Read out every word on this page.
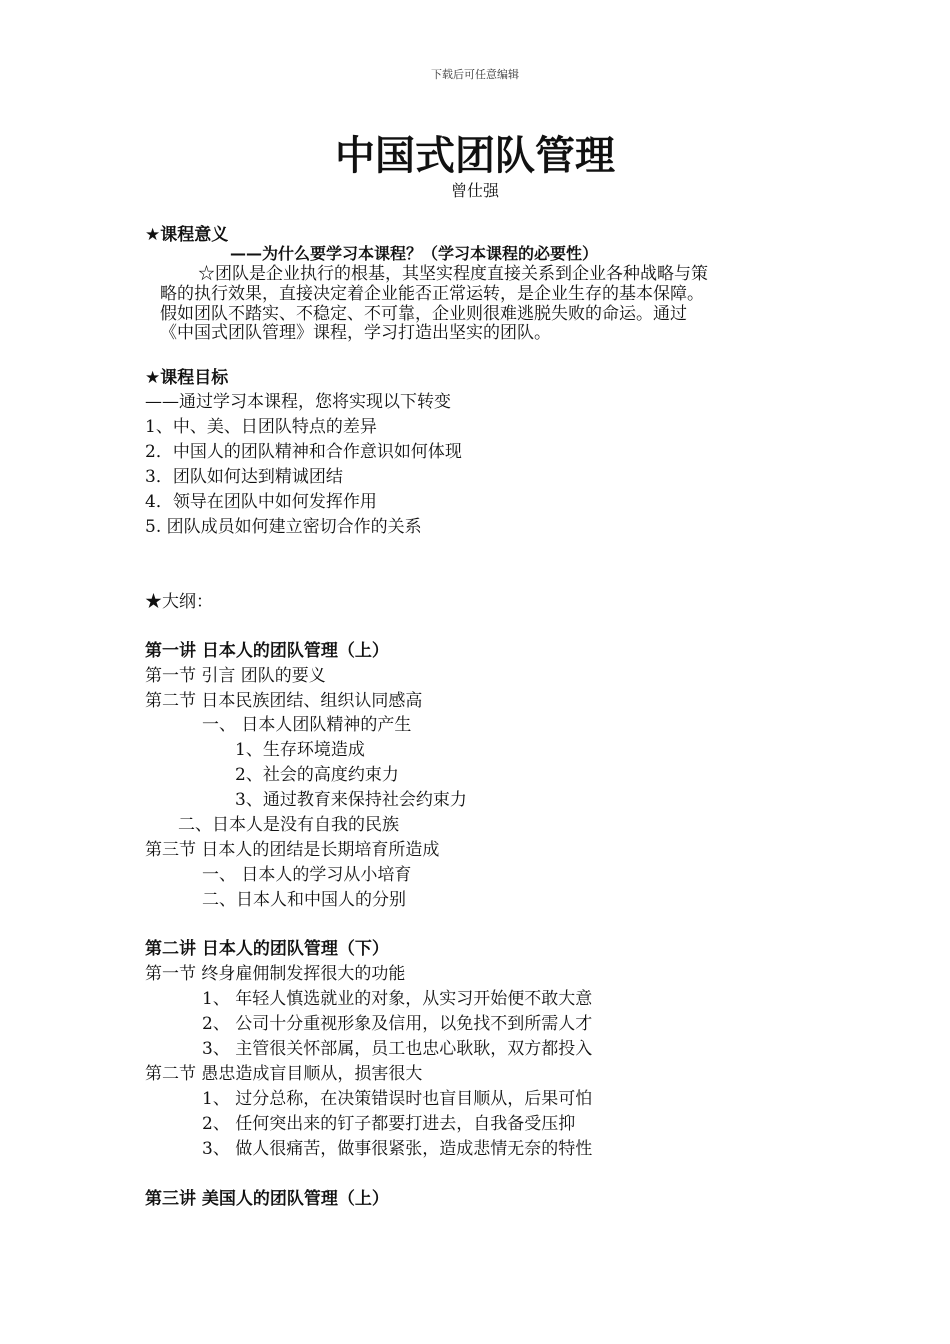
下载后可任意编辑
中国式团队管理
曾仕强
★课程意义
——为什么要学习本课程？（学习本课程的必要性）
☆团队是企业执行的根基，其坚实程度直接关系到企业各种战略与策
略的执行效果，直接决定着企业能否正常运转，是企业生存的基本保障。
假如团队不踏实、不稳定、不可靠，企业则很难逃脱失败的命运。通过
《中国式团队管理》课程，学习打造出坚实的团队。
★课程目标
——通过学习本课程，您将实现以下转变
1、中、美、日团队特点的差异
2．中国人的团队精神和合作意识如何体现
3．团队如何达到精诚团结
4．领导在团队中如何发挥作用
5. 团队成员如何建立密切合作的关系
★大纲：
第一讲 日本人的团队管理（上）
第一节 引言 团队的要义
第二节 日本民族团结、组织认同感高
一、 日本人团队精神的产生
1、生存环境造成
2、社会的高度约束力
3、通过教育来保持社会约束力
二、日本人是没有自我的民族
第三节 日本人的团结是长期培育所造成
一、 日本人的学习从小培育
二、日本人和中国人的分别
第二讲 日本人的团队管理（下）
第一节 终身雇佣制发挥很大的功能
1、 年轻人慎选就业的对象，从实习开始便不敢大意
2、 公司十分重视形象及信用，以免找不到所需人才
3、 主管很关怀部属，员工也忠心耿耿，双方都投入
第二节 愚忠造成盲目顺从，损害很大
1、 过分总称，在决策错误时也盲目顺从，后果可怕
2、 任何突出来的钉子都要打进去，自我备受压抑
3、 做人很痛苦，做事很紧张，造成悲情无奈的特性
第三讲 美国人的团队管理（上）
